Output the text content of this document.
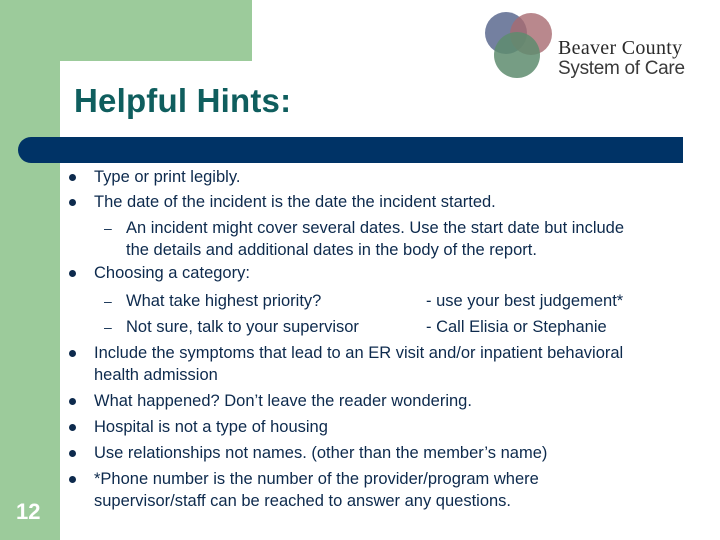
Beaver County
System of Care
Helpful Hints:
Type or print legibly.
The date of the incident is the date the incident started.
– An incident might cover several dates. Use the start date but include
the details and additional dates in the body of the report.
Choosing a category:
– What take highest priority?	- use your best judgement*
– Not sure, talk to your supervisor	- Call Elisia or Stephanie
Include the symptoms that lead to an ER visit and/or inpatient behavioral
health admission
What happened? Don’t leave the reader wondering.
Hospital is not a type of housing
Use relationships not names. (other than the member’s name)
*Phone number is the number of the provider/program where
supervisor/staff can be reached to answer any questions.
12
